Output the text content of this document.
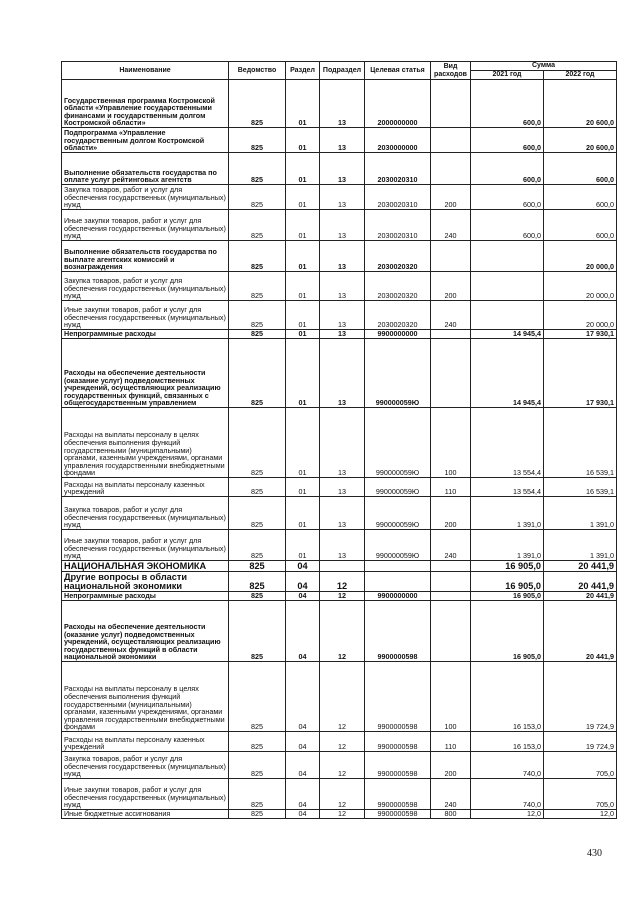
Наименование	Ведомство	Раздел	Подраздел	Целевая статья	Вид расходов	Сумма	
						2021 год	2022 год
Государственная программа Костромской области «Управление государственными финансами и государственным долгом Костромской области»	825	01	13	2000000000		600,0	20 600,0
Подпрограмма «Управление государственным долгом Костромской области»	825	01	13	2030000000		600,0	20 600,0
Выполнение обязательств государства по оплате услуг рейтинговых агентств	825	01	13	2030020310		600,0	600,0
Закупка товаров, работ и услуг для обеспечения государственных (муниципальных) нужд	825	01	13	2030020310	200	600,0	600,0
Иные закупки товаров, работ и услуг для обеспечения государственных (муниципальных) нужд	825	01	13	2030020310	240	600,0	600,0
Выполнение обязательств государства по выплате агентских комиссий и вознаграждения	825	01	13	2030020320			20 000,0
Закупка товаров, работ и услуг для обеспечения государственных (муниципальных) нужд	825	01	13	2030020320	200		20 000,0
Иные закупки товаров, работ и услуг для обеспечения государственных (муниципальных) нужд	825	01	13	2030020320	240		20 000,0
Непрограммные расходы	825	01	13	9900000000		14 945,4	17 930,1
Расходы на обеспечение деятельности (оказание услуг) подведомственных учреждений, осуществляющих реализацию государственных функций, связанных с общегосударственным управлением	825	01	13	990000059Ю		14 945,4	17 930,1
Расходы на выплаты персоналу в целях обеспечения выполнения функций государственными (муниципальными) органами, казенными учреждениями, органами управления государственными внебюджетными фондами	825	01	13	990000059Ю	100	13 554,4	16 539,1
Расходы на выплаты персоналу казенных учреждений	825	01	13	990000059Ю	110	13 554,4	16 539,1
Закупка товаров, работ и услуг для обеспечения государственных (муниципальных) нужд	825	01	13	990000059Ю	200	1 391,0	1 391,0
Иные закупки товаров, работ и услуг для обеспечения государственных (муниципальных) нужд	825	01	13	990000059Ю	240	1 391,0	1 391,0
НАЦИОНАЛЬНАЯ ЭКОНОМИКА	825	04				16 905,0	20 441,9
Другие вопросы в области национальной экономики	825	04	12			16 905,0	20 441,9
Непрограммные расходы	825	04	12	9900000000		16 905,0	20 441,9
Расходы на обеспечение деятельности (оказание услуг) подведомственных учреждений, осуществляющих реализацию государственных функций в области национальной экономики	825	04	12	9900000598		16 905,0	20 441,9
Расходы на выплаты персоналу в целях обеспечения выполнения функций государственными (муниципальными) органами, казенными учреждениями, органами управления государственными внебюджетными фондами	825	04	12	9900000598	100	16 153,0	19 724,9
Расходы на выплаты персоналу казенных учреждений	825	04	12	9900000598	110	16 153,0	19 724,9
Закупка товаров, работ и услуг для обеспечения государственных (муниципальных) нужд	825	04	12	9900000598	200	740,0	705,0
Иные закупки товаров, работ и услуг для обеспечения государственных (муниципальных) нужд	825	04	12	9900000598	240	740,0	705,0
Иные бюджетные ассигнования	825	04	12	9900000598	800	12,0	12,0
430
